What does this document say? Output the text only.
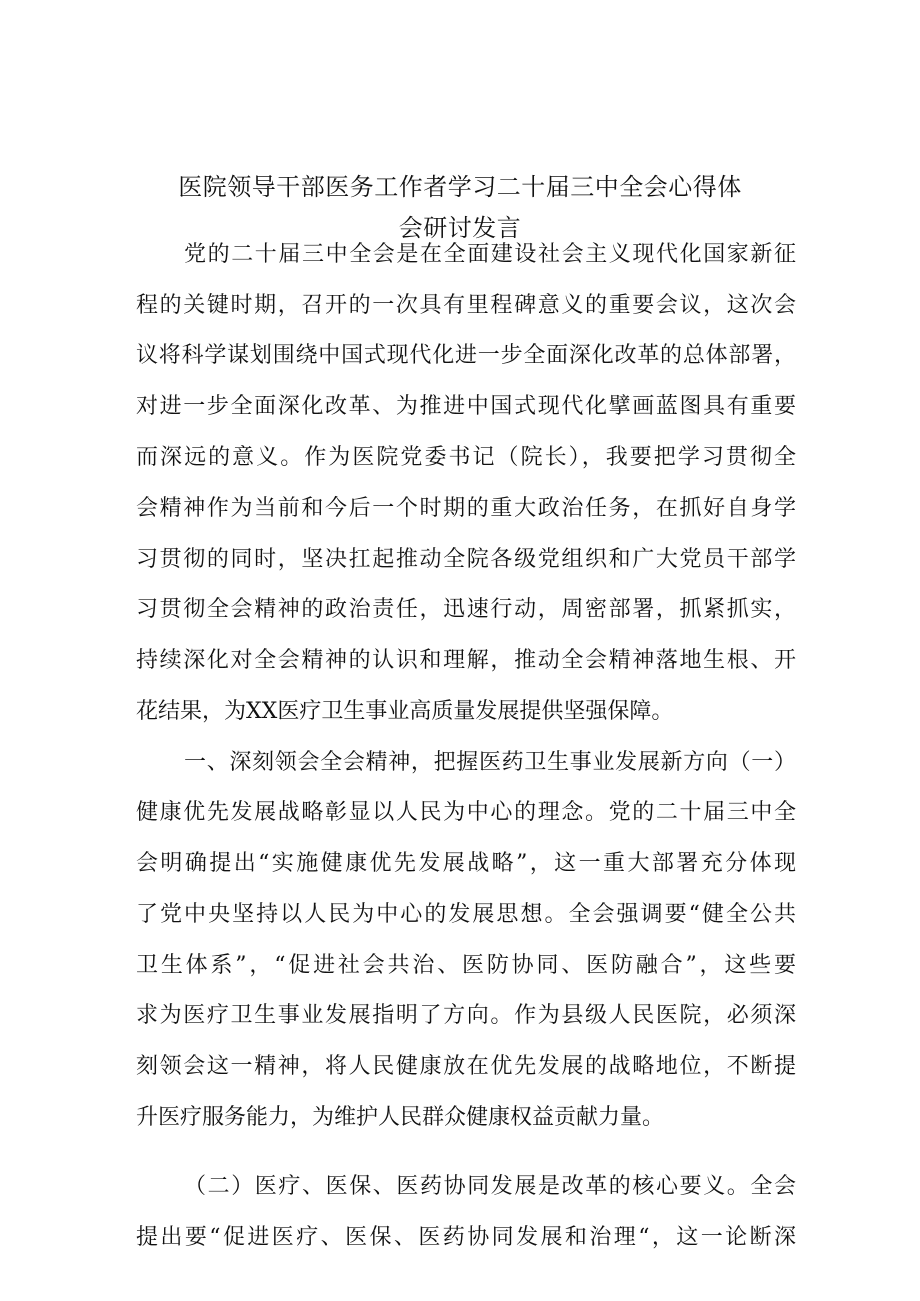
医院领导干部医务工作者学习二十届三中全会心得体
会研讨发言
党的二十届三中全会是在全面建设社会主义现代化国家新征
程的关键时期，召开的一次具有里程碑意义的重要会议，这次会
议将科学谋划围绕中国式现代化进一步全面深化改革的总体部署，
对进一步全面深化改革、为推进中国式现代化擘画蓝图具有重要
而深远的意义。作为医院党委书记（院长），我要把学习贯彻全
会精神作为当前和今后一个时期的重大政治任务，在抓好自身学
习贯彻的同时，坚决扛起推动全院各级党组织和广大党员干部学
习贯彻全会精神的政治责任，迅速行动，周密部署，抓紧抓实，
持续深化对全会精神的认识和理解，推动全会精神落地生根、开
花结果，为XX医疗卫生事业高质量发展提供坚强保障。
一、深刻领会全会精神，把握医药卫生事业发展新方向（一）
健康优先发展战略彰显以人民为中心的理念。党的二十届三中全
会明确提出“实施健康优先发展战略”，这一重大部署充分体现
了党中央坚持以人民为中心的发展思想。全会强调要“健全公共
卫生体系”，“促进社会共治、医防协同、医防融合”，这些要
求为医疗卫生事业发展指明了方向。作为县级人民医院，必须深
刻领会这一精神，将人民健康放在优先发展的战略地位，不断提
升医疗服务能力，为维护人民群众健康权益贡献力量。
（二）医疗、医保、医药协同发展是改革的核心要义。全会
提出要“促进医疗、医保、医药协同发展和治理“，这一论断深
